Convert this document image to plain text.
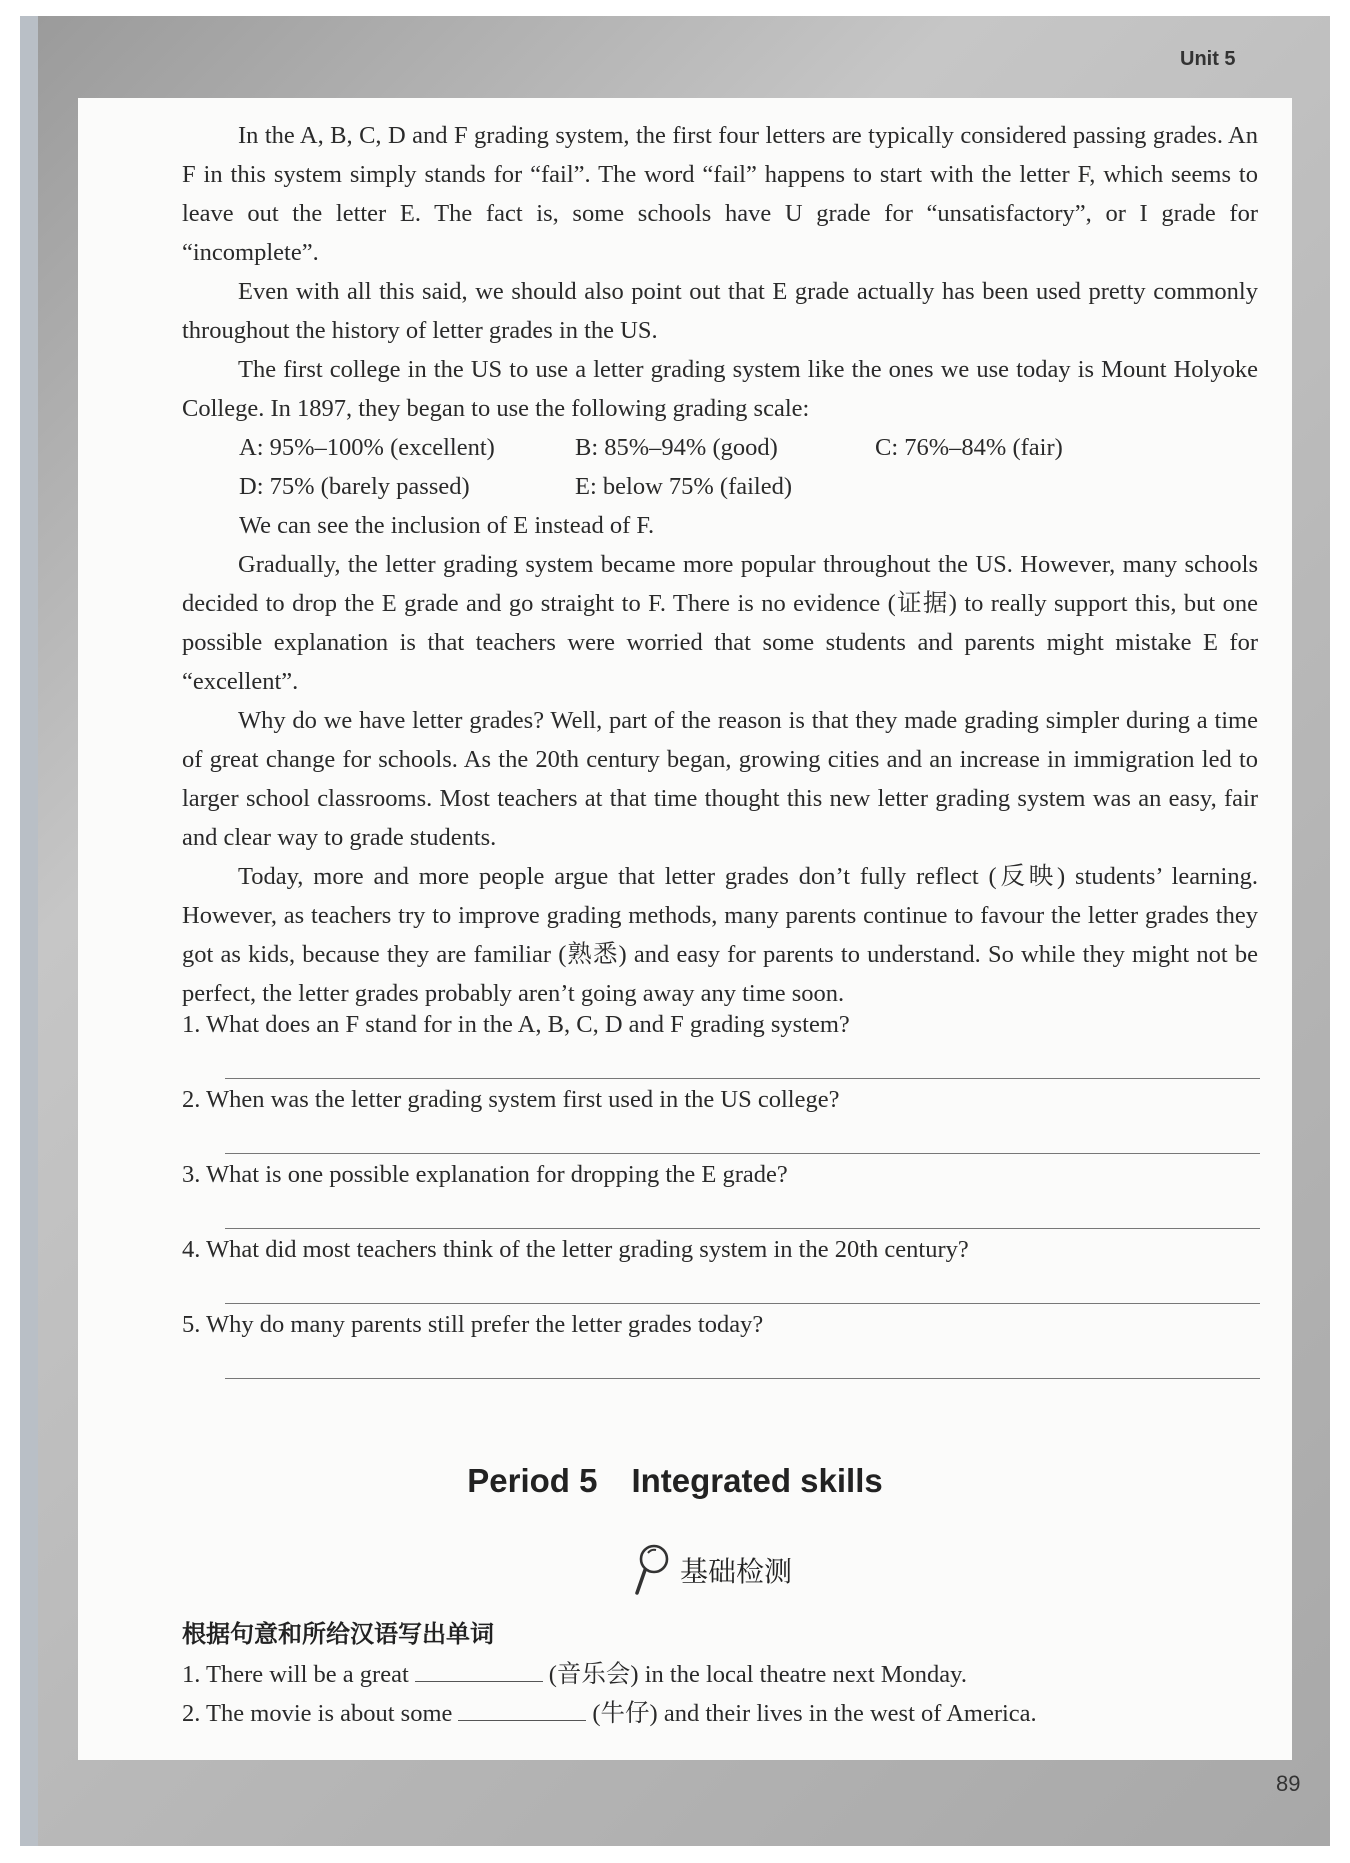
Unit 5

In the A, B, C, D and F grading system, the first four letters are typically considered passing grades. An F in this system simply stands for “fail”. The word “fail” happens to start with the letter F, which seems to leave out the letter E. The fact is, some schools have U grade for “unsatisfactory”, or I grade for “incomplete”.

Even with all this said, we should also point out that E grade actually has been used pretty commonly throughout the history of letter grades in the US.

The first college in the US to use a letter grading system like the ones we use today is Mount Holyoke College. In 1897, they began to use the following grading scale:

A: 95%–100% (excellent)	B: 85%–94% (good)	C: 76%–84% (fair)
D: 75% (barely passed)	E: below 75% (failed)
We can see the inclusion of E instead of F.

Gradually, the letter grading system became more popular throughout the US. However, many schools decided to drop the E grade and go straight to F. There is no evidence (证据) to really support this, but one possible explanation is that teachers were worried that some students and parents might mistake E for “excellent”.

Why do we have letter grades? Well, part of the reason is that they made grading simpler during a time of great change for schools. As the 20th century began, growing cities and an increase in immigration led to larger school classrooms. Most teachers at that time thought this new letter grading system was an easy, fair and clear way to grade students.

Today, more and more people argue that letter grades don’t fully reflect (反映) students’ learning. However, as teachers try to improve grading methods, many parents continue to favour the letter grades they got as kids, because they are familiar (熟悉) and easy for parents to understand. So while they might not be perfect, the letter grades probably aren’t going away any time soon.

1. What does an F stand for in the A, B, C, D and F grading system?
2. When was the letter grading system first used in the US college?
3. What is one possible explanation for dropping the E grade?
4. What did most teachers think of the letter grading system in the 20th century?
5. Why do many parents still prefer the letter grades today?
Period 5 Integrated skills
基础检测
根据句意和所给汉语写出单词
1. There will be a great	(音乐会) in the local theatre next Monday.
2. The movie is about some	(牛仔) and their lives in the west of America.
89
